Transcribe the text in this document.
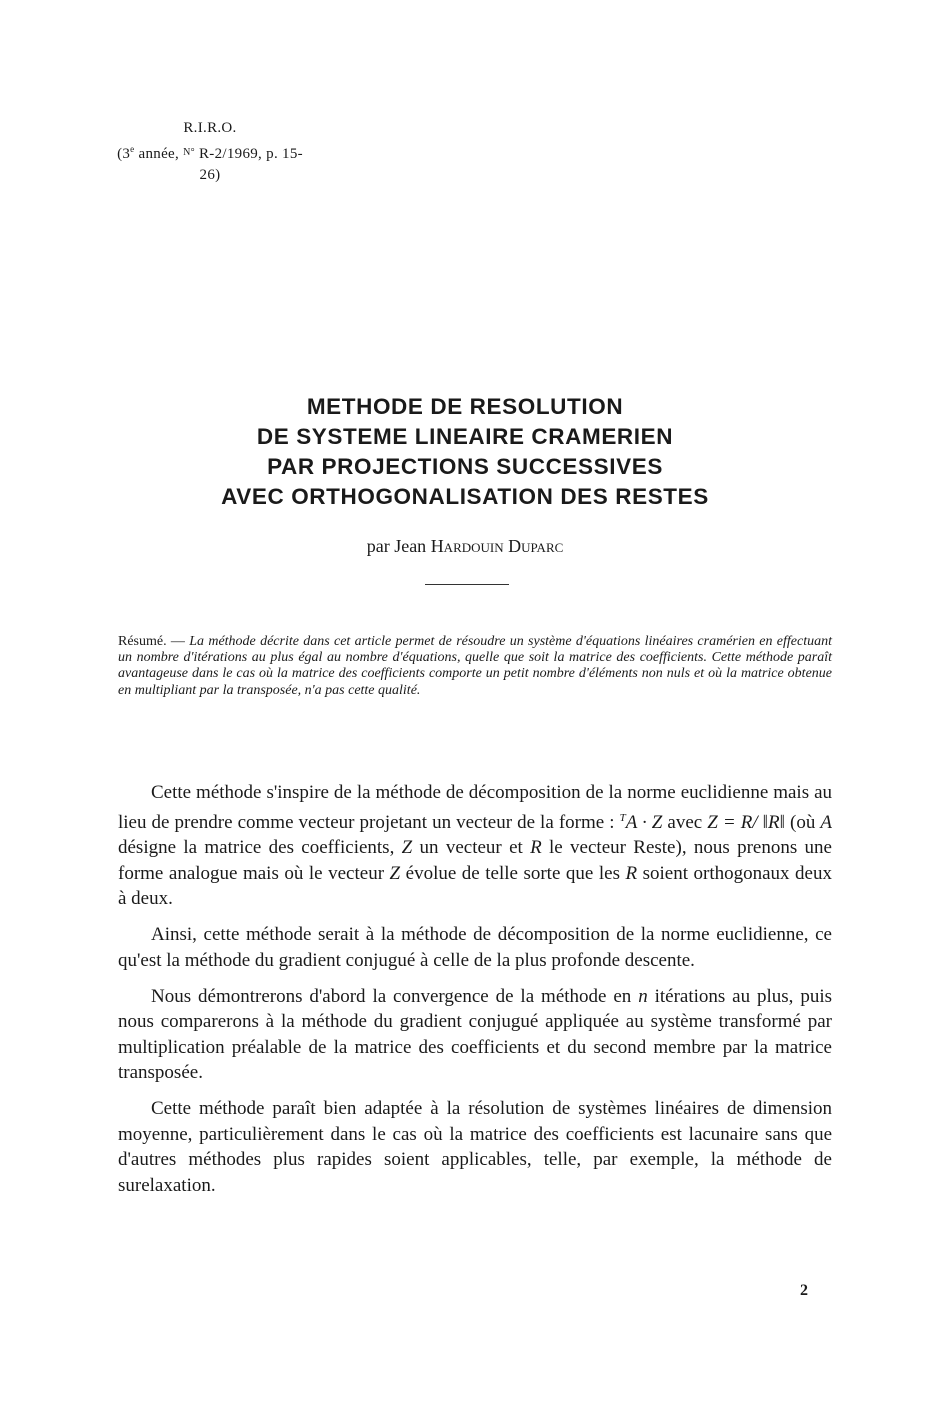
R.I.R.O.
(3e année, $^{N^\circ}$ R-2/1969, p. 15-26)
METHODE DE RESOLUTION
DE SYSTEME LINEAIRE CRAMERIEN
PAR PROJECTIONS SUCCESSIVES
AVEC ORTHOGONALISATION DES RESTES
par Jean Hardouin Duparc
Résumé. — La méthode décrite dans cet article permet de résoudre un système d'équations linéaires cramérien en effectuant un nombre d'itérations au plus égal au nombre d'équations, quelle que soit la matrice des coefficients. Cette méthode paraît avantageuse dans le cas où la matrice des coefficients comporte un petit nombre d'éléments non nuls et où la matrice obtenue en multipliant par la transposée, n'a pas cette qualité.

Cette méthode s'inspire de la méthode de décomposition de la norme euclidienne mais au lieu de prendre comme vecteur projetant un vecteur de la forme : $^T$A · Z avec Z = R/ ‖R‖ (où A désigne la matrice des coefficients, Z un vecteur et R le vecteur Reste), nous prenons une forme analogue mais où le vecteur Z évolue de telle sorte que les R soient orthogonaux deux à deux.

Ainsi, cette méthode serait à la méthode de décomposition de la norme euclidienne, ce qu'est la méthode du gradient conjugué à celle de la plus profonde descente.

Nous démontrerons d'abord la convergence de la méthode en n itérations au plus, puis nous comparerons à la méthode du gradient conjugué appliquée au système transformé par multiplication préalable de la matrice des coefficients et du second membre par la matrice transposée.

Cette méthode paraît bien adaptée à la résolution de systèmes linéaires de dimension moyenne, particulièrement dans le cas où la matrice des coefficients est lacunaire sans que d'autres méthodes plus rapides soient applicables, telle, par exemple, la méthode de surelaxation.

2
